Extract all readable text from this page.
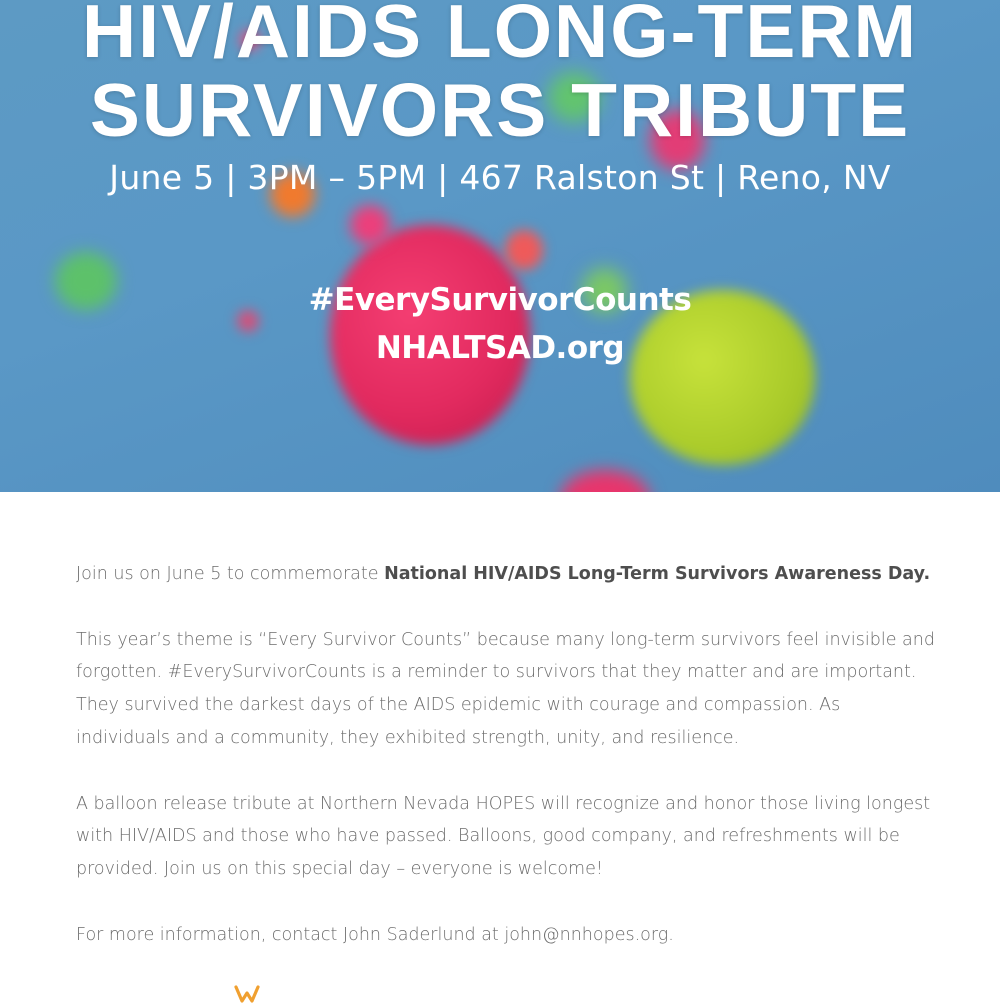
HIV/AIDS LONG-TERM
SURVIVORS TRIBUTE
June 5 | 3PM – 5PM | 467 Ralston St | Reno, NV
#EverySurvivorCounts
NHALTSAD.org

Join us on June 5 to commemorate National HIV/AIDS Long-Term Survivors Awareness Day.

This year’s theme is “Every Survivor Counts” because many long-term survivors feel invisible and forgotten. #EverySurvivorCounts is a reminder to survivors that they matter and are important. They survived the darkest days of the AIDS epidemic with courage and compassion. As individuals and a community, they exhibited strength, unity, and resilience.

A balloon release tribute at Northern Nevada HOPES will recognize and honor those living longest with HIV/AIDS and those who have passed. Balloons, good company, and refreshments will be provided. Join us on this special day – everyone is welcome!

For more information, contact John Saderlund at john@nnhopes.org.
